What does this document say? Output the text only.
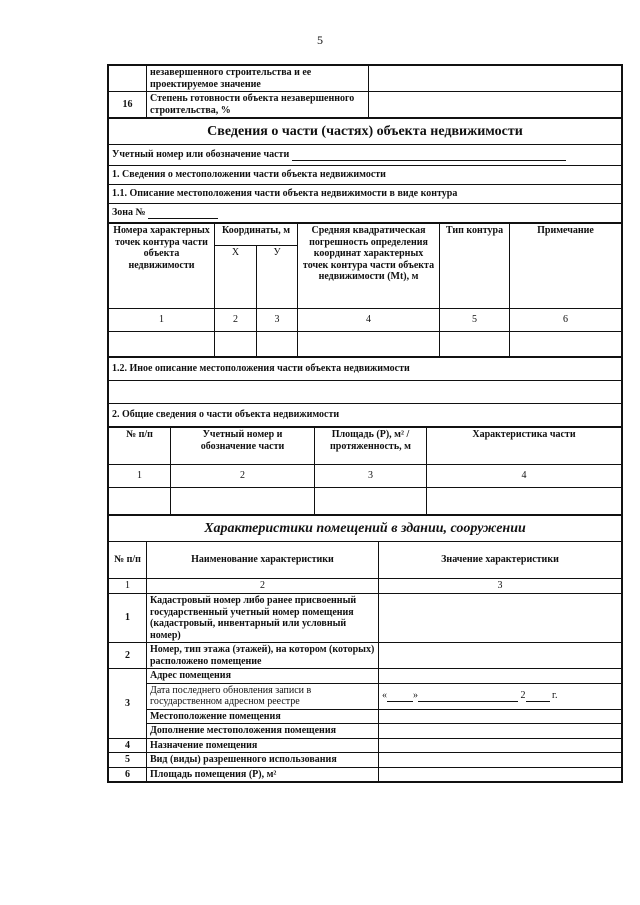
5
	незавершенного строительства и ее проектируемое значение	
16	Степень готовности объекта незавершенного строительства, %	
Сведения о части (частях) объекта недвижимости
Учетный номер или обозначение части
1. Сведения о местоположении части объекта недвижимости
1.1. Описание местоположения части объекта недвижимости в виде контура
Зона №
Номера характерных точек контура части объекта недвижимости	Координаты, м		Средняя квадратическая погрешность определения координат характерных точек контура части объекта недвижимости (Mt), м	Тип контура	Примечание
	X	У			
1	2	3	4	5	6

1.2. Иное описание местоположения части объекта недвижимости

2. Общие сведения о части объекта недвижимости
№ п/п	Учетный номер и обозначение части	Площадь (Р), м² / протяженность, м	Характеристика части
1	2	3	4

Характеристики помещений в здании, сооружении		
№ п/п	Наименование характеристики	Значение характеристики
1	2	3
1	Кадастровый номер либо ранее присвоенный государственный учетный номер помещения (кадастровый, инвентарный или условный номер)	
2	Номер, тип этажа (этажей), на котором (которых) расположено помещение	
3	Адрес помещения	
	Дата последнего обновления записи в государственном адресном реестре	« » 2 г.
	Местоположение помещения	
	Дополнение местоположения помещения	
4	Назначение помещения	
5	Вид (виды) разрешенного использования	
6	Площадь помещения (Р), м²	
